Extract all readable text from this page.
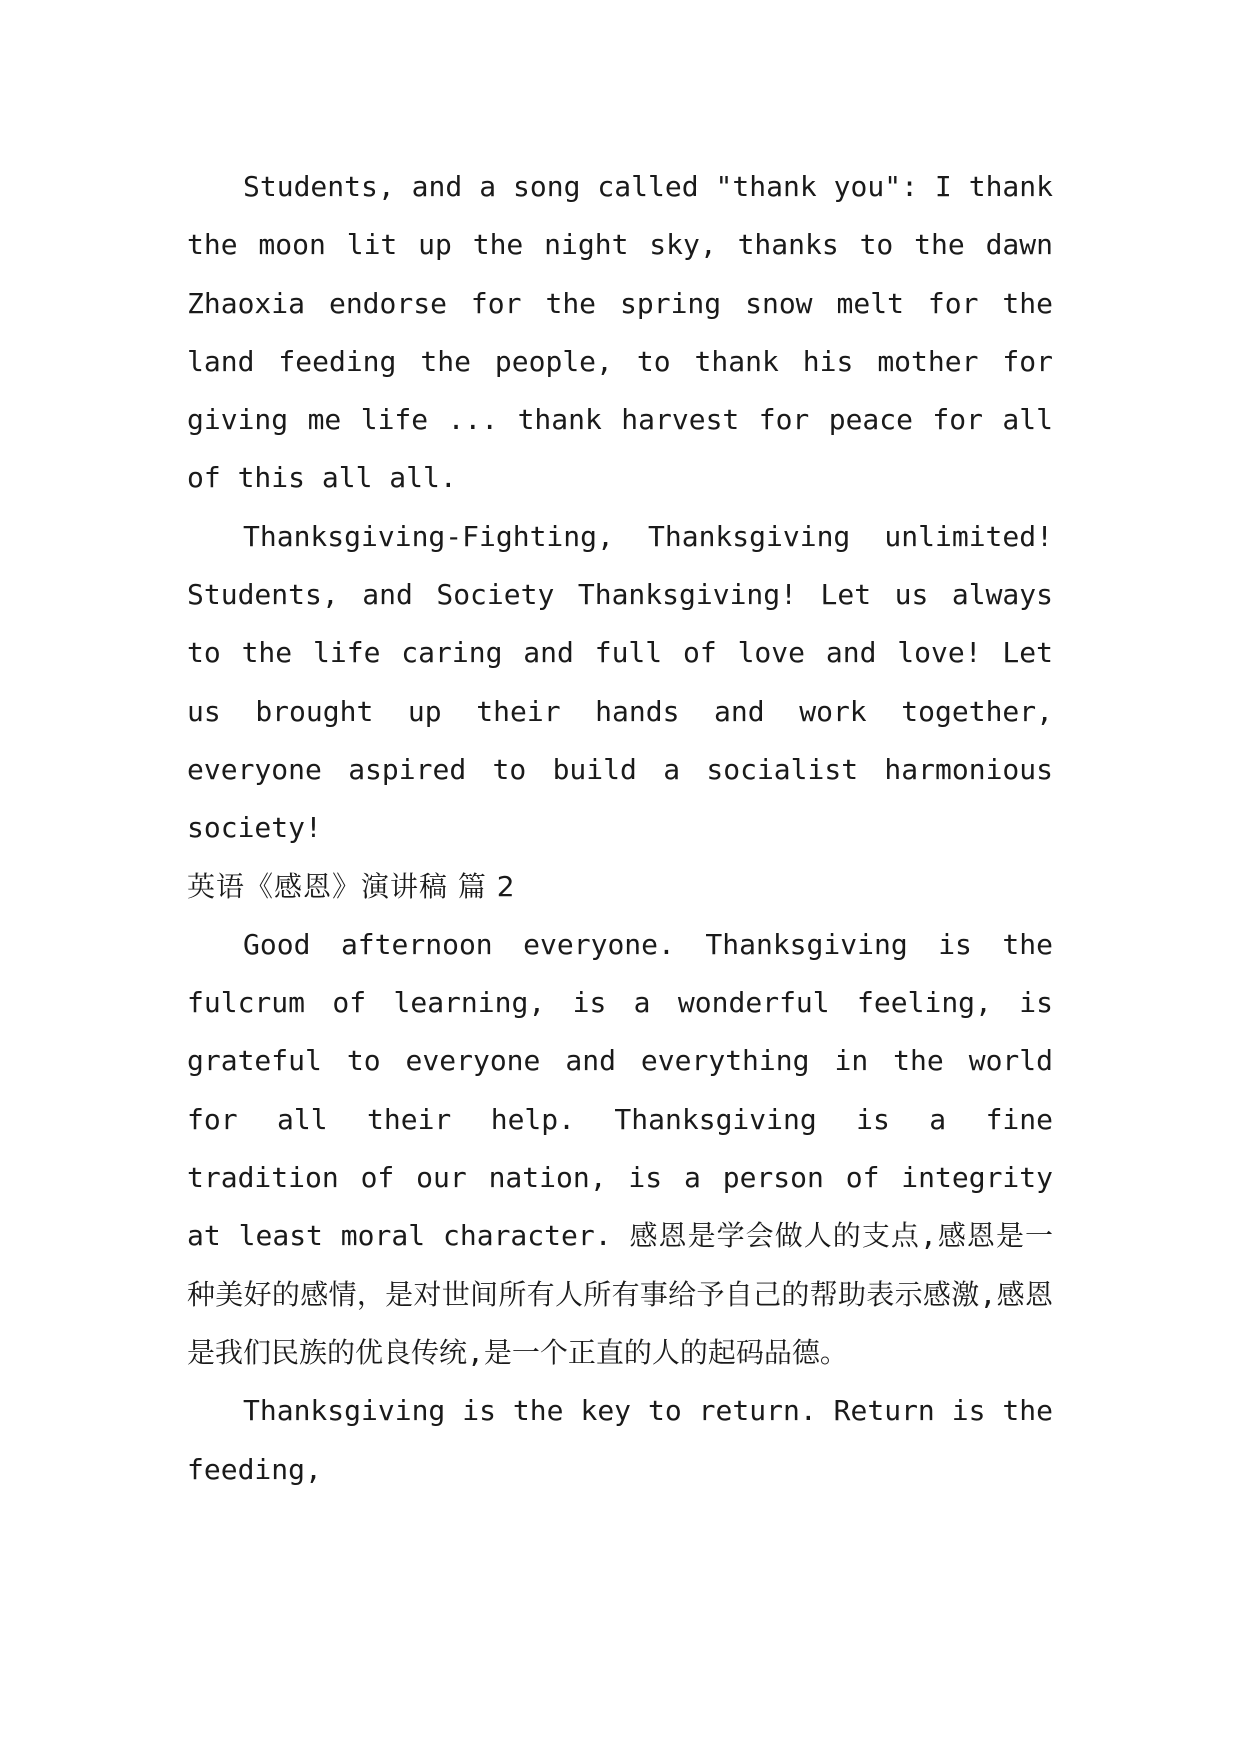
Students, and a song called "thank you": I thank the moon lit up the night sky, thanks to the dawn Zhaoxia endorse for the spring snow melt for the land feeding the people, to thank his mother for giving me life ... thank harvest for peace for all of this all all.

Thanksgiving-Fighting, Thanksgiving unlimited! Students, and Society Thanksgiving! Let us always to the life caring and full of love and love! Let us brought up their hands and work together, everyone aspired to build a socialist harmonious society!

英语《感恩》演讲稿 篇 2

Good afternoon everyone. Thanksgiving is the fulcrum of learning, is a wonderful feeling, is grateful to everyone and everything in the world for all their help. Thanksgiving is a fine tradition of our nation, is a person of integrity at least moral character. 感恩是学会做人的支点,感恩是一种美好的感情，是对世间所有人所有事给予自己的帮助表示感激,感恩是我们民族的优良传统,是一个正直的人的起码品德。

Thanksgiving is the key to return. Return is the feeding,
